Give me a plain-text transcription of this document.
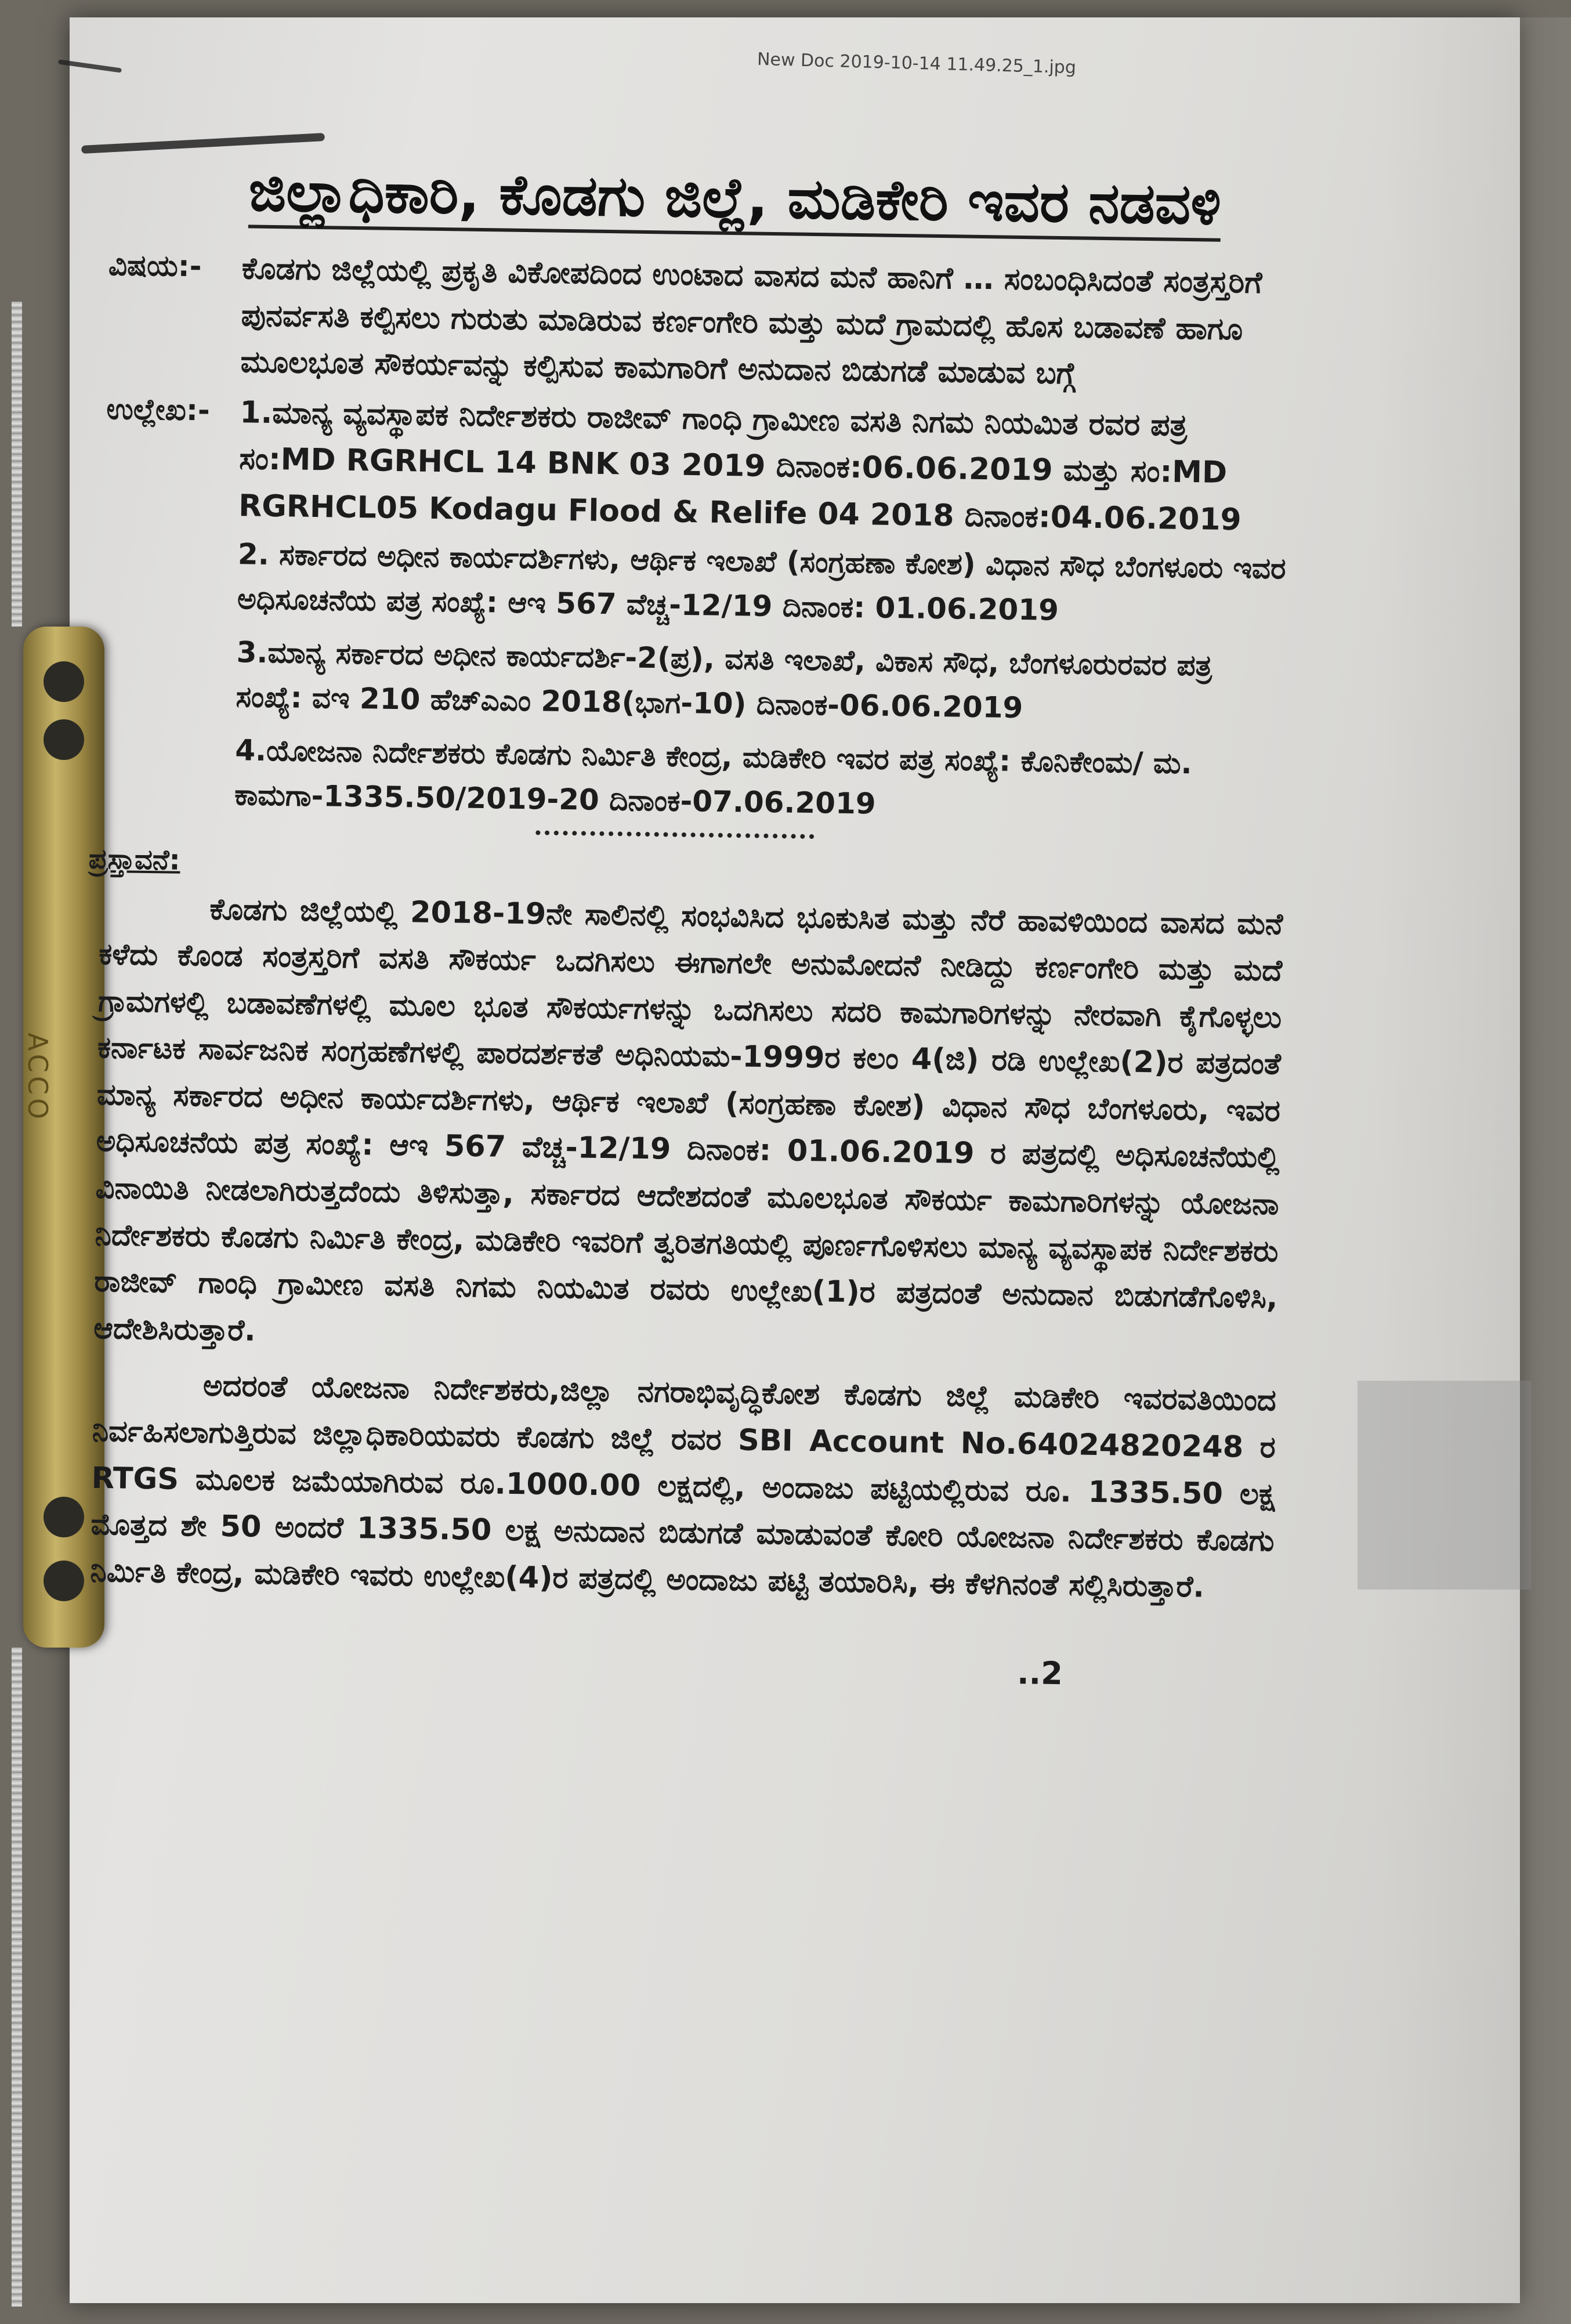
ACCO
New Doc 2019-10-14 11.49.25_1.jpg
ಜಿಲ್ಲಾಧಿಕಾರಿ, ಕೊಡಗು ಜಿಲ್ಲೆ, ಮಡಿಕೇರಿ ಇವರ ನಡವಳಿ
ವಿಷಯ:-	ಕೊಡಗು ಜಿಲ್ಲೆಯಲ್ಲಿ ಪ್ರಕೃತಿ ವಿಕೋಪದಿಂದ ಉಂಟಾದ ವಾಸದ ಮನೆ ಹಾನಿಗೆ … ಸಂಬಂಧಿಸಿದಂತೆ ಸಂತ್ರಸ್ತರಿಗೆ ಪುನರ್ವಸತಿ ಕಲ್ಪಿಸಲು ಗುರುತು ಮಾಡಿರುವ ಕರ್ಣಂಗೇರಿ ಮತ್ತು ಮದೆ ಗ್ರಾಮದಲ್ಲಿ ಹೊಸ ಬಡಾವಣೆ ಹಾಗೂ ಮೂಲಭೂತ ಸೌಕರ್ಯವನ್ನು ಕಲ್ಪಿಸುವ ಕಾಮಗಾರಿಗೆ ಅನುದಾನ ಬಿಡುಗಡೆ ಮಾಡುವ ಬಗ್ಗೆ
ಉಲ್ಲೇಖ:- 1.ಮಾನ್ಯ ವ್ಯವಸ್ಥಾಪಕ ನಿರ್ದೇಶಕರು ರಾಜೀವ್ ಗಾಂಧಿ ಗ್ರಾಮೀಣ ವಸತಿ ನಿಗಮ ನಿಯಮಿತ ರವರ ಪತ್ರ ಸಂ:MD RGRHCL 14 BNK 03 2019 ದಿನಾಂಕ:06.06.2019 ಮತ್ತು ಸಂ:MD RGRHCL05 Kodagu Flood & Relife 04 2018 ದಿನಾಂಕ:04.06.2019
2. ಸರ್ಕಾರದ ಅಧೀನ ಕಾರ್ಯದರ್ಶಿಗಳು, ಆರ್ಥಿಕ ಇಲಾಖೆ (ಸಂಗ್ರಹಣಾ ಕೋಶ) ವಿಧಾನ ಸೌಧ ಬೆಂಗಳೂರು ಇವರ ಅಧಿಸೂಚನೆಯ ಪತ್ರ ಸಂಖ್ಯೆ: ಆಇ 567 ವೆಚ್ಚ-12/19 ದಿನಾಂಕ: 01.06.2019
3.ಮಾನ್ಯ ಸರ್ಕಾರದ ಅಧೀನ ಕಾರ್ಯದರ್ಶಿ-2(ಪ್ರ), ವಸತಿ ಇಲಾಖೆ, ವಿಕಾಸ ಸೌಧ, ಬೆಂಗಳೂರುರವರ ಪತ್ರ ಸಂಖ್ಯೆ: ವಇ 210 ಹೆಚ್‌ಎಎಂ 2018(ಭಾಗ-10) ದಿನಾಂಕ-06.06.2019
4.ಯೋಜನಾ ನಿರ್ದೇಶಕರು ಕೊಡಗು ನಿರ್ಮಿತಿ ಕೇಂದ್ರ, ಮಡಿಕೇರಿ ಇವರ ಪತ್ರ ಸಂಖ್ಯೆ: ಕೊನಿಕೇಂಮ/ ಮ. ಕಾಮಗಾ-1335.50/2019-20 ದಿನಾಂಕ-07.06.2019
ಪ್ರಸ್ತಾವನೆ:
ಕೊಡಗು ಜಿಲ್ಲೆಯಲ್ಲಿ 2018-19ನೇ ಸಾಲಿನಲ್ಲಿ ಸಂಭವಿಸಿದ ಭೂಕುಸಿತ ಮತ್ತು ನೆರೆ ಹಾವಳಿಯಿಂದ ವಾಸದ ಮನೆ ಕಳೆದು ಕೊಂಡ ಸಂತ್ರಸ್ತರಿಗೆ ವಸತಿ ಸೌಕರ್ಯ ಒದಗಿಸಲು ಈಗಾಗಲೇ ಅನುಮೋದನೆ ನೀಡಿದ್ದು ಕರ್ಣಂಗೇರಿ ಮತ್ತು ಮದೆ ಗ್ರಾಮಗಳಲ್ಲಿ ಬಡಾವಣೆಗಳಲ್ಲಿ ಮೂಲ ಭೂತ ಸೌಕರ್ಯಗಳನ್ನು ಒದಗಿಸಲು ಸದರಿ ಕಾಮಗಾರಿಗಳನ್ನು ನೇರವಾಗಿ ಕೈಗೊಳ್ಳಲು ಕರ್ನಾಟಕ ಸಾರ್ವಜನಿಕ ಸಂಗ್ರಹಣೆಗಳಲ್ಲಿ ಪಾರದರ್ಶಕತೆ ಅಧಿನಿಯಮ-1999ರ ಕಲಂ 4(ಜಿ) ರಡಿ ಉಲ್ಲೇಖ(2)ರ ಪತ್ರದಂತೆ ಮಾನ್ಯ ಸರ್ಕಾರದ ಅಧೀನ ಕಾರ್ಯದರ್ಶಿಗಳು, ಆರ್ಥಿಕ ಇಲಾಖೆ (ಸಂಗ್ರಹಣಾ ಕೋಶ) ವಿಧಾನ ಸೌಧ ಬೆಂಗಳೂರು, ಇವರ ಅಧಿಸೂಚನೆಯ ಪತ್ರ ಸಂಖ್ಯೆ: ಆಇ 567 ವೆಚ್ಚ-12/19 ದಿನಾಂಕ: 01.06.2019 ರ ಪತ್ರದಲ್ಲಿ ಅಧಿಸೂಚನೆಯಲ್ಲಿ ವಿನಾಯಿತಿ ನೀಡಲಾಗಿರುತ್ತದೆಂದು ತಿಳಿಸುತ್ತಾ, ಸರ್ಕಾರದ ಆದೇಶದಂತೆ ಮೂಲಭೂತ ಸೌಕರ್ಯ ಕಾಮಗಾರಿಗಳನ್ನು ಯೋಜನಾ ನಿರ್ದೇಶಕರು ಕೊಡಗು ನಿರ್ಮಿತಿ ಕೇಂದ್ರ, ಮಡಿಕೇರಿ ಇವರಿಗೆ ತ್ವರಿತಗತಿಯಲ್ಲಿ ಪೂರ್ಣಗೊಳಿಸಲು ಮಾನ್ಯ ವ್ಯವಸ್ಥಾಪಕ ನಿರ್ದೇಶಕರು ರಾಜೀವ್ ಗಾಂಧಿ ಗ್ರಾಮೀಣ ವಸತಿ ನಿಗಮ ನಿಯಮಿತ ರವರು ಉಲ್ಲೇಖ(1)ರ ಪತ್ರದಂತೆ ಅನುದಾನ ಬಿಡುಗಡೆಗೊಳಿಸಿ, ಆದೇಶಿಸಿರುತ್ತಾರೆ.
ಅದರಂತೆ ಯೋಜನಾ ನಿರ್ದೇಶಕರು,ಜಿಲ್ಲಾ ನಗರಾಭಿವೃದ್ಧಿಕೋಶ ಕೊಡಗು ಜಿಲ್ಲೆ ಮಡಿಕೇರಿ ಇವರವತಿಯಿಂದ ನಿರ್ವಹಿಸಲಾಗುತ್ತಿರುವ ಜಿಲ್ಲಾಧಿಕಾರಿಯವರು ಕೊಡಗು ಜಿಲ್ಲೆ ರವರ SBI Account No.64024820248 ರ RTGS ಮೂಲಕ ಜಮೆಯಾಗಿರುವ ರೂ.1000.00 ಲಕ್ಷದಲ್ಲಿ, ಅಂದಾಜು ಪಟ್ಟಿಯಲ್ಲಿರುವ ರೂ. 1335.50 ಲಕ್ಷ ಮೊತ್ತದ ಶೇ 50 ಅಂದರೆ 1335.50 ಲಕ್ಷ ಅನುದಾನ ಬಿಡುಗಡೆ ಮಾಡುವಂತೆ ಕೋರಿ ಯೋಜನಾ ನಿರ್ದೇಶಕರು ಕೊಡಗು ನಿರ್ಮಿತಿ ಕೇಂದ್ರ, ಮಡಿಕೇರಿ ಇವರು ಉಲ್ಲೇಖ(4)ರ ಪತ್ರದಲ್ಲಿ ಅಂದಾಜು ಪಟ್ಟಿ ತಯಾರಿಸಿ, ಈ ಕೆಳಗಿನಂತೆ ಸಲ್ಲಿಸಿರುತ್ತಾರೆ.
..2
